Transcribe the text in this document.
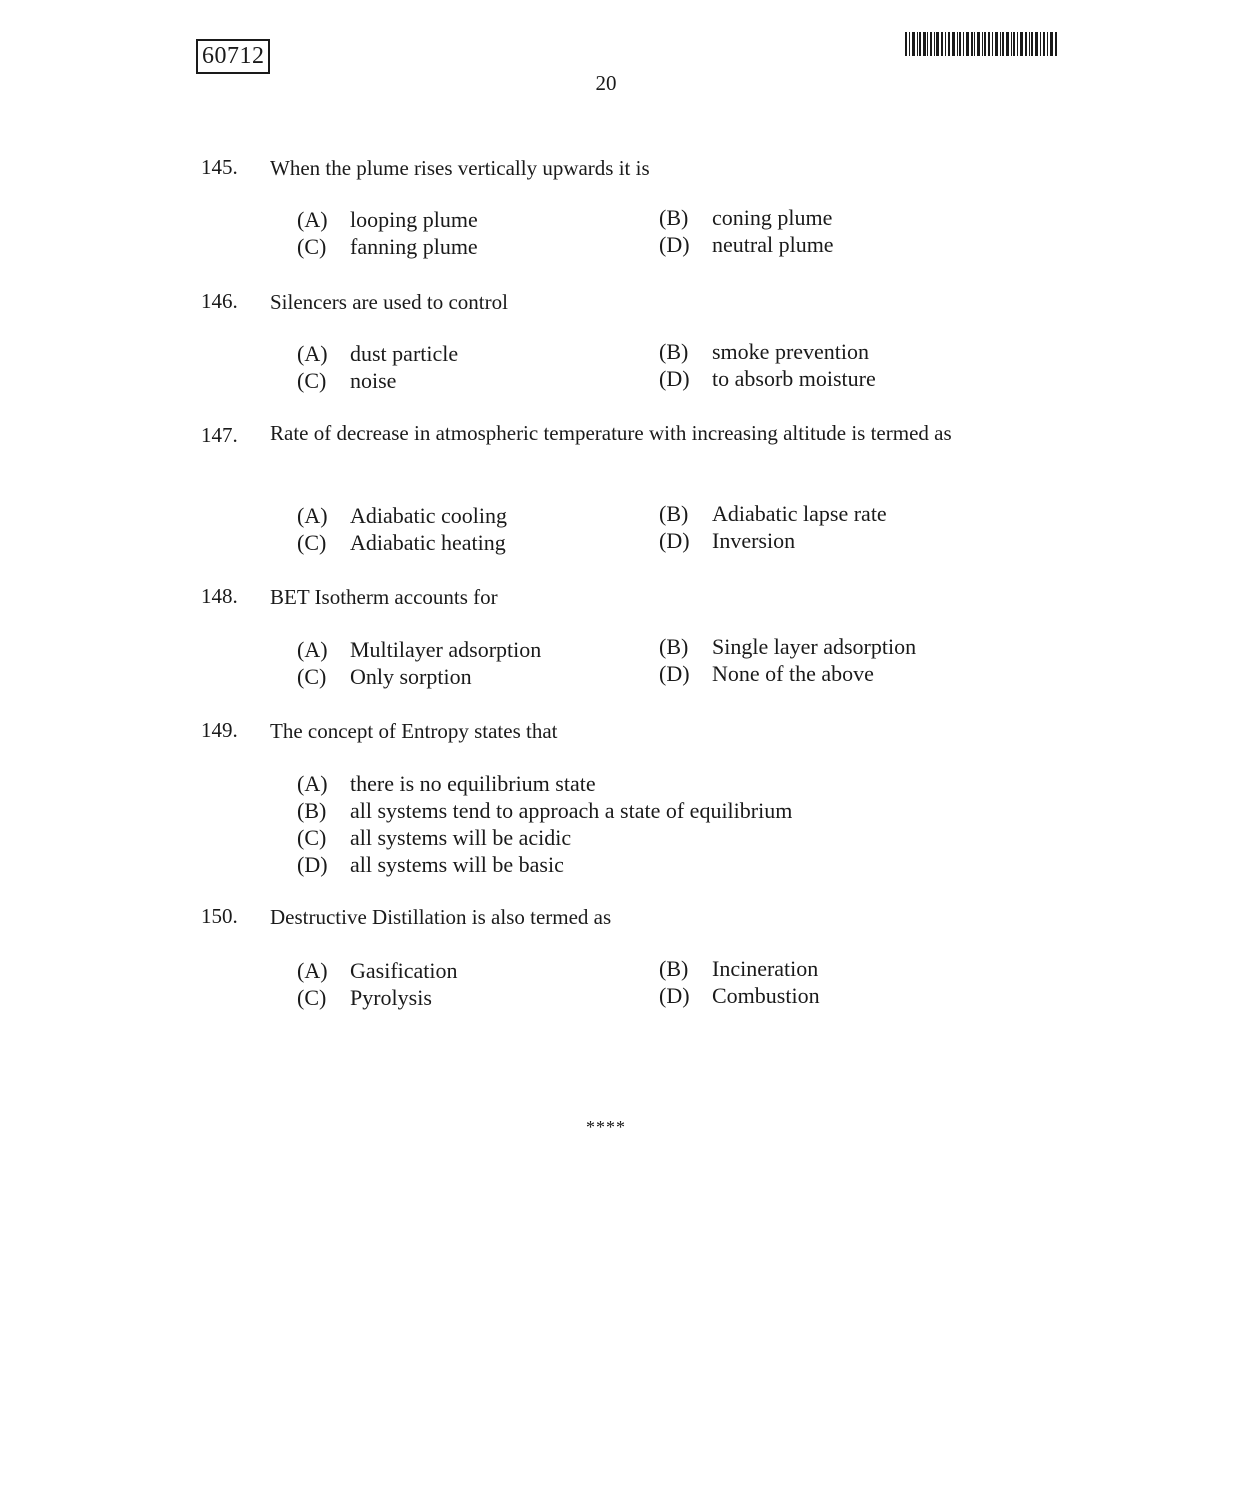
60712
20
145. When the plume rises vertically upwards it is
(A) looping plume	(B) coning plume
(C) fanning plume	(D) neutral plume
146. Silencers are used to control
(A) dust particle	(B) smoke prevention
(C) noise	(D) to absorb moisture
147. Rate of decrease in atmospheric temperature with increasing altitude is termed as
(A) Adiabatic cooling	(B) Adiabatic lapse rate
(C) Adiabatic heating	(D) Inversion
148. BET Isotherm accounts for
(A) Multilayer adsorption	(B) Single layer adsorption
(C) Only sorption	(D) None of the above
149. The concept of Entropy states that
(A) there is no equilibrium state
(B) all systems tend to approach a state of equilibrium
(C) all systems will be acidic
(D) all systems will be basic
150. Destructive Distillation is also termed as
(A) Gasification	(B) Incineration
(C) Pyrolysis	(D) Combustion
****
